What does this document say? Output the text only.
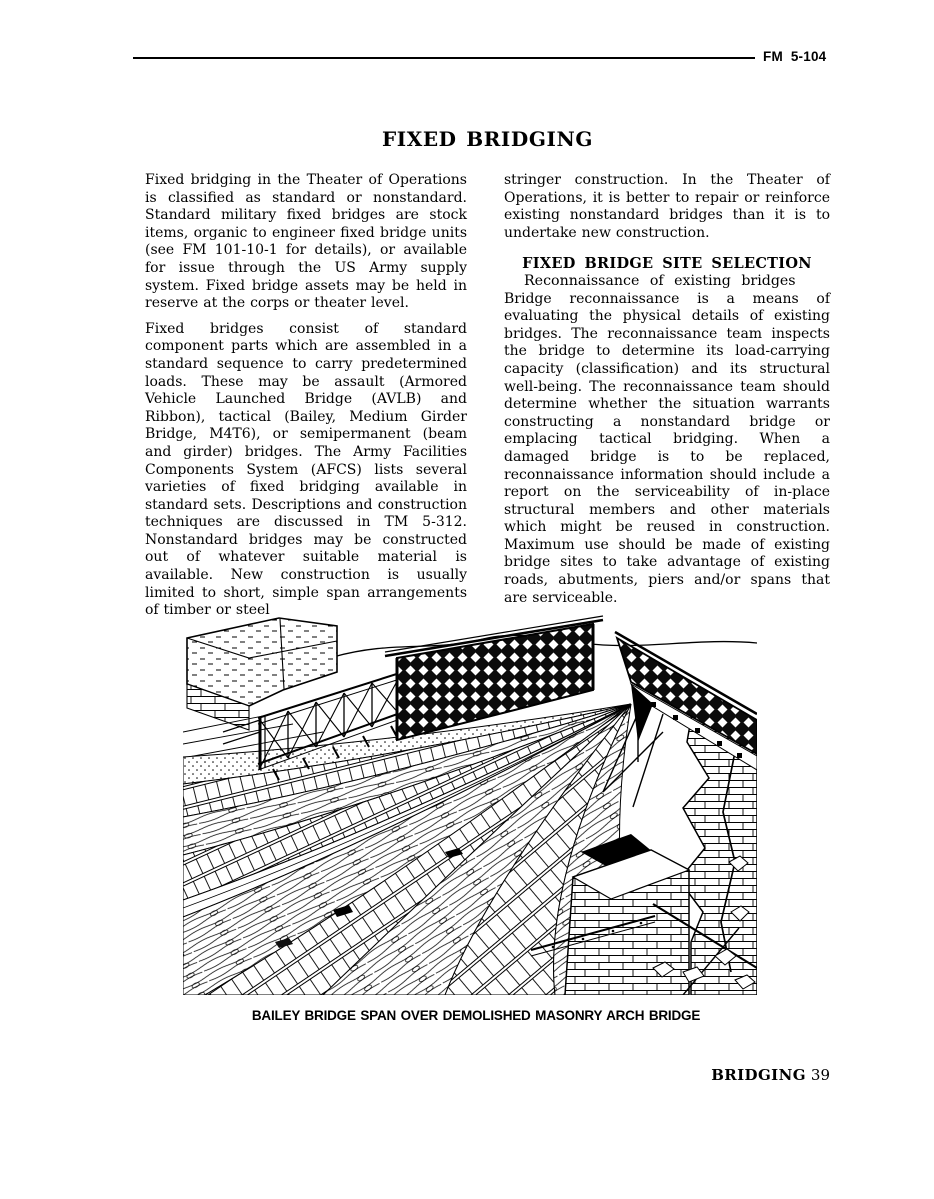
FM 5-104
FIXED BRIDGING

Fixed bridging in the Theater of Operations is classified as standard or nonstandard. Standard military fixed bridges are stock items, organic to engineer fixed bridge units (see FM 101-10-1 for details), or available for issue through the US Army supply system. Fixed bridge assets may be held in reserve at the corps or theater level.

Fixed bridges consist of standard component parts which are assembled in a standard sequence to carry predetermined loads. These may be assault (Armored Vehicle Launched Bridge (AVLB) and Ribbon), tactical (Bailey, Medium Girder Bridge, M4T6), or semipermanent (beam and girder) bridges. The Army Facilities Components System (AFCS) lists several varieties of fixed bridging available in standard sets. Descriptions and construction techniques are discussed in TM 5-312. Nonstandard bridges may be constructed out of whatever suitable material is available. New construction is usually limited to short, simple span arrangements of timber or steel

stringer construction. In the Theater of Operations, it is better to repair or reinforce existing nonstandard bridges than it is to undertake new construction.

FIXED BRIDGE SITE SELECTION
Reconnaissance of existing bridges

Bridge reconnaissance is a means of evaluating the physical details of existing bridges. The reconnaissance team inspects the bridge to determine its load-carrying capacity (classification) and its structural well-being. The reconnaissance team should determine whether the situation warrants constructing a nonstandard bridge or emplacing tactical bridging. When a damaged bridge is to be replaced, reconnaissance information should include a report on the serviceability of in-place structural members and other materials which might be reused in construction. Maximum use should be made of existing bridge sites to take advantage of existing roads, abutments, piers and/or spans that are serviceable.

BAILEY BRIDGE SPAN OVER DEMOLISHED MASONRY ARCH BRIDGE
BRIDGING 39
